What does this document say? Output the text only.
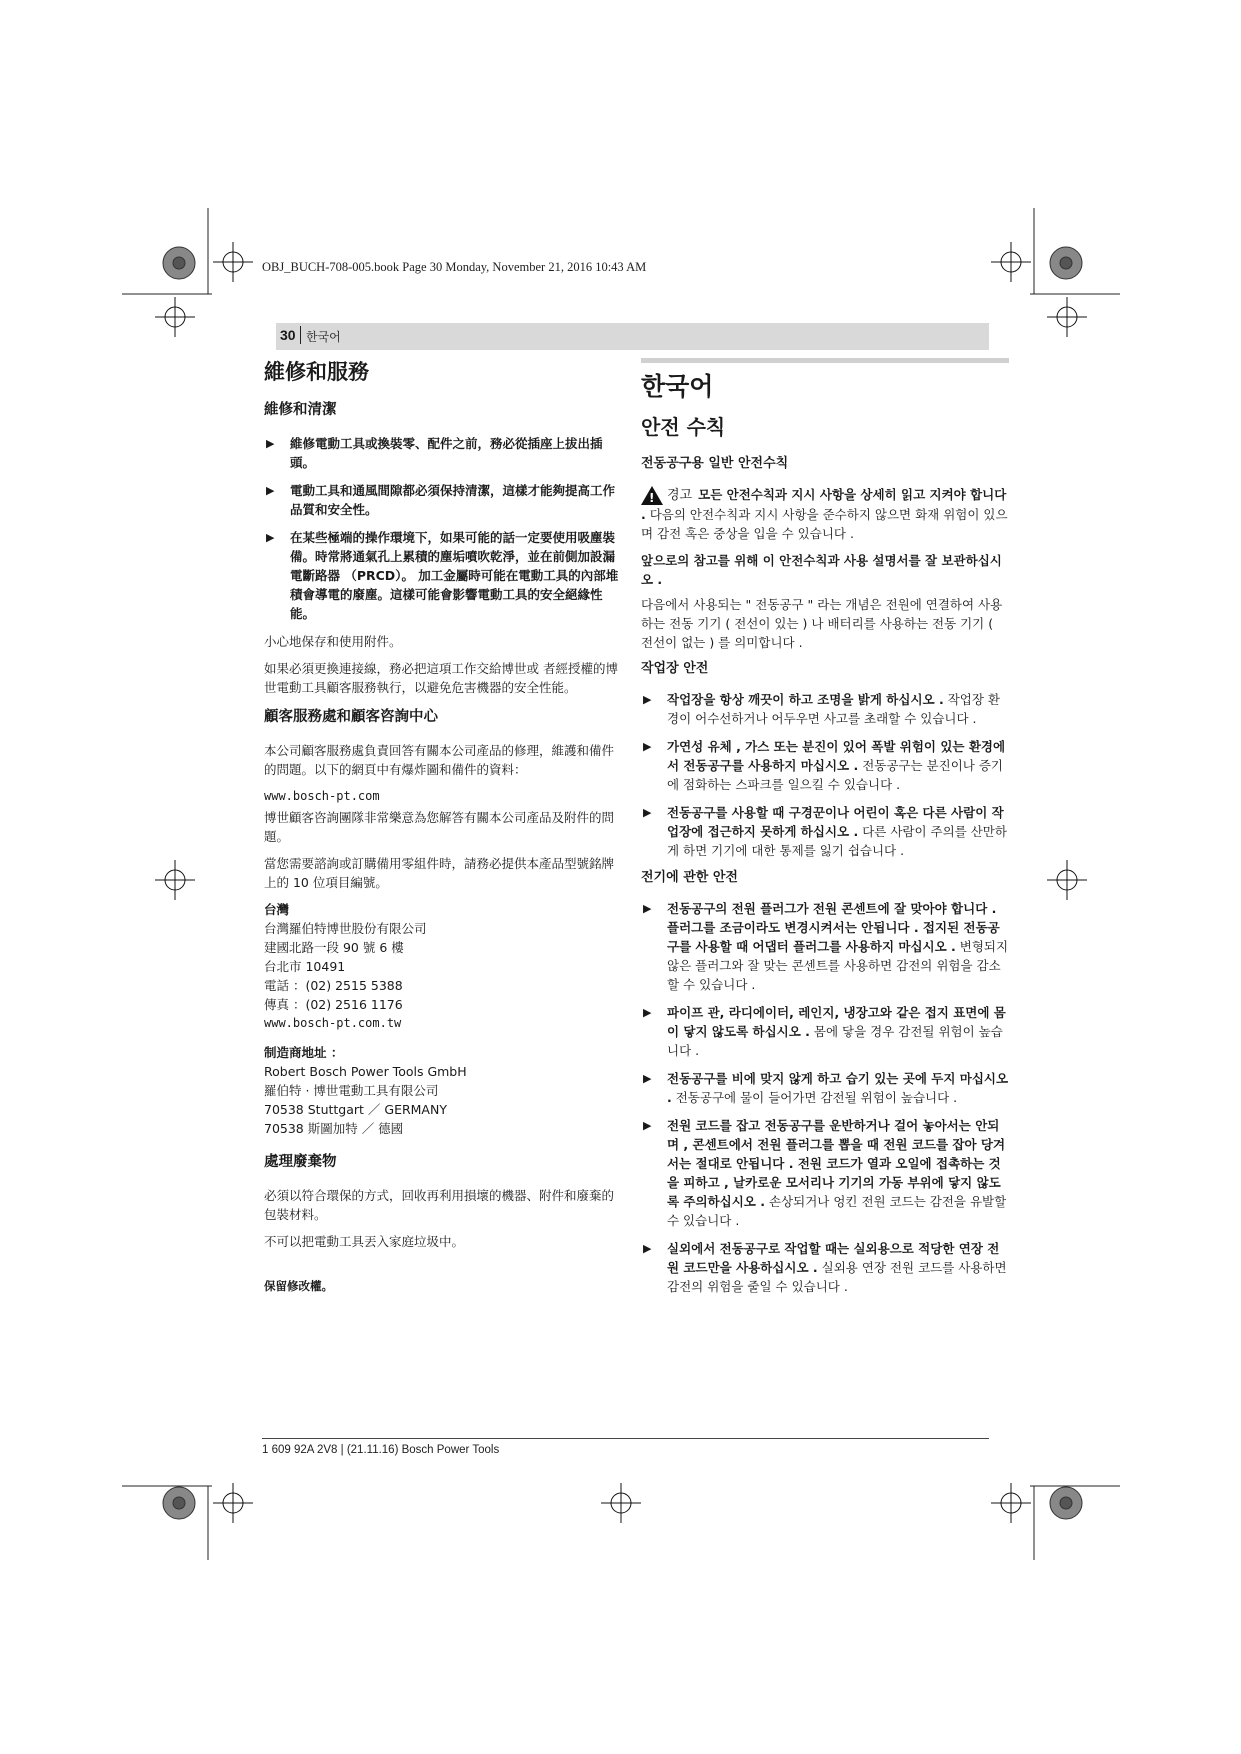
OBJ_BUCH-708-005.book Page 30 Monday, November 21, 2016 10:43 AM
30 한국어
維修和服務
維修和清潔
▶ 維修電動工具或換裝零、配件之前，務必從插座上拔出插頭。
▶ 電動工具和通風間隙都必須保持清潔，這樣才能夠提高工作品質和安全性。
▶ 在某些極端的操作環境下，如果可能的話一定要使用吸塵裝備。時常將通氣孔上累積的塵垢噴吹乾淨，並在前側加設漏電斷路器 （PRCD）。 加工金屬時可能在電動工具的內部堆積會導電的廢塵。這樣可能會影響電動工具的安全絕緣性能。
小心地保存和使用附件。
如果必須更換連接線，務必把這項工作交給博世或 者經授權的博世電動工具顧客服務執行，以避免危害機器的安全性能。
顧客服務處和顧客咨詢中心
本公司顧客服務處負責回答有關本公司產品的修理，維護和備件的問題。以下的網頁中有爆炸圖和備件的資料：
www.bosch-pt.com
博世顧客咨詢團隊非常樂意為您解答有關本公司產品及附件的問題。
當您需要諮詢或訂購備用零組件時，請務必提供本產品型號銘牌上的 10 位項目編號。
台灣
台灣羅伯特博世股份有限公司
建國北路一段 90 號 6 樓
台北市 10491
電話 ：(02) 2515 5388
傳真 ：(02) 2516 1176
www.bosch-pt.com.tw
制造商地址 ：
Robert Bosch Power Tools GmbH
羅伯特 · 博世電動工具有限公司
70538 Stuttgart ／ GERMANY
70538 斯圖加特 ／ 德國
處理廢棄物
必須以符合環保的方式，回收再利用損壞的機器、附件和廢棄的包裝材料。
不可以把電動工具丟入家庭垃圾中。
保留修改權。
한국어
안전 수칙
전동공구용 일반 안전수칙
! 경고 모든 안전수칙과 지시 사항을 상세히 읽고 지켜야 합니다 . 다음의 안전수칙과 지시 사항을 준수하지 않으면 화재 위험이 있으며 감전 혹은 중상을 입을 수 있습니다 .
앞으로의 참고를 위해 이 안전수칙과 사용 설명서를 잘 보관하십시오 .
다음에서 사용되는 " 전동공구 " 라는 개념은 전원에 연결하여 사용하는 전동 기기 ( 전선이 있는 ) 나 배터리를 사용하는 전동 기기 ( 전선이 없는 ) 를 의미합니다 .
작업장 안전
▶ 작업장을 항상 깨끗이 하고 조명을 밝게 하십시오 . 작업장 환경이 어수선하거나 어두우면 사고를 초래할 수 있습니다 .
▶ 가연성 유체 , 가스 또는 분진이 있어 폭발 위험이 있는 환경에서 전동공구를 사용하지 마십시오 . 전동공구는 분진이나 증기에 점화하는 스파크를 일으킬 수 있습니다 .
▶ 전동공구를 사용할 때 구경꾼이나 어린이 혹은 다른 사람이 작업장에 접근하지 못하게 하십시오 . 다른 사람이 주의를 산만하게 하면 기기에 대한 통제를 잃기 쉽습니다 .
전기에 관한 안전
▶ 전동공구의 전원 플러그가 전원 콘센트에 잘 맞아야 합니다 . 플러그를 조금이라도 변경시켜서는 안됩니다 . 접지된 전동공구를 사용할 때 어댑터 플러그를 사용하지 마십시오 . 변형되지 않은 플러그와 잘 맞는 콘센트를 사용하면 감전의 위험을 감소할 수 있습니다 .
▶ 파이프 관, 라디에이터, 레인지, 냉장고와 같은 접지 표면에 몸이 닿지 않도록 하십시오 . 몸에 닿을 경우 감전될 위험이 높습니다 .
▶ 전동공구를 비에 맞지 않게 하고 습기 있는 곳에 두지 마십시오 . 전동공구에 물이 들어가면 감전될 위험이 높습니다 .
▶ 전원 코드를 잡고 전동공구를 운반하거나 걸어 놓아서는 안되며 , 콘센트에서 전원 플러그를 뽑을 때 전원 코드를 잡아 당겨서는 절대로 안됩니다 . 전원 코드가 열과 오일에 접촉하는 것을 피하고 , 날카로운 모서리나 기기의 가동 부위에 닿지 않도록 주의하십시오 . 손상되거나 엉킨 전원 코드는 감전을 유발할 수 있습니다 .
▶ 실외에서 전동공구로 작업할 때는 실외용으로 적당한 연장 전원 코드만을 사용하십시오 . 실외용 연장 전원 코드를 사용하면 감전의 위험을 줄일 수 있습니다 .
1 609 92A 2V8 | (21.11.16) Bosch Power Tools
